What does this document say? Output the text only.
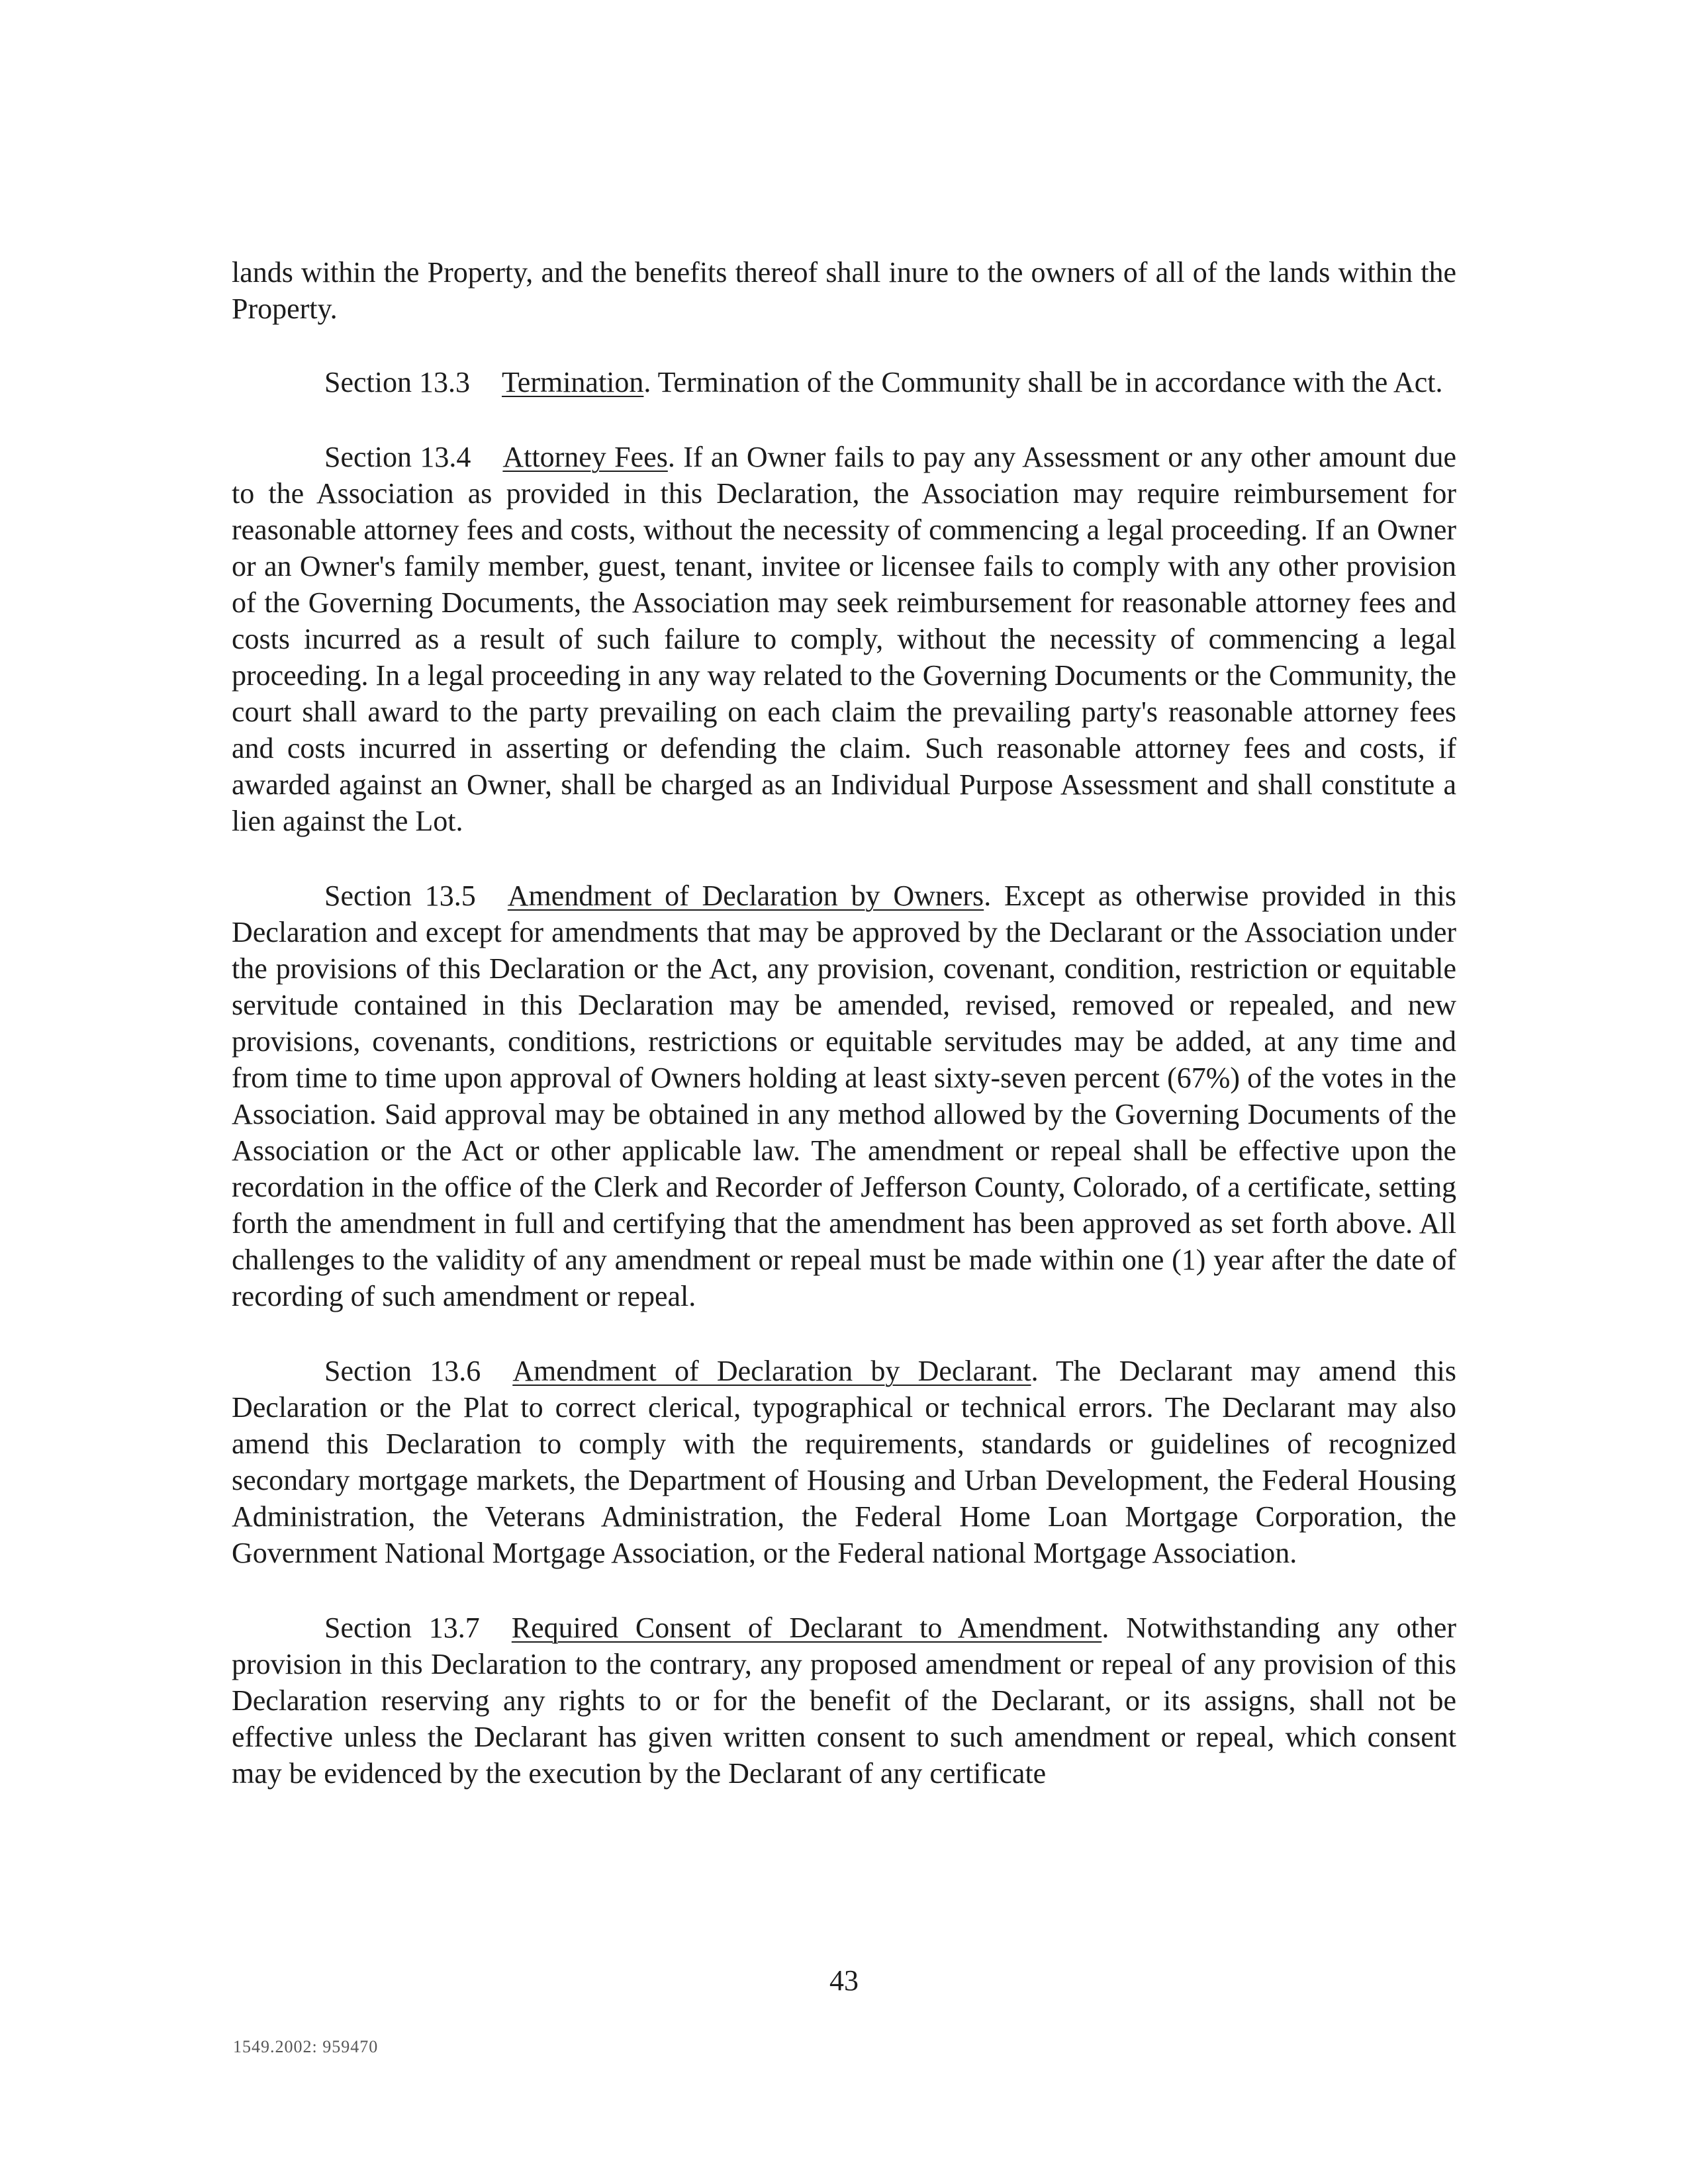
lands within the Property, and the benefits thereof shall inure to the owners of all of the lands within the Property.

Section 13.3 Termination. Termination of the Community shall be in accordance with the Act.

Section 13.4 Attorney Fees. If an Owner fails to pay any Assessment or any other amount due to the Association as provided in this Declaration, the Association may require reimbursement for reasonable attorney fees and costs, without the necessity of commencing a legal proceeding. If an Owner or an Owner's family member, guest, tenant, invitee or licensee fails to comply with any other provision of the Governing Documents, the Association may seek reimbursement for reasonable attorney fees and costs incurred as a result of such failure to comply, without the necessity of commencing a legal proceeding. In a legal proceeding in any way related to the Governing Documents or the Community, the court shall award to the party prevailing on each claim the prevailing party's reasonable attorney fees and costs incurred in asserting or defending the claim. Such reasonable attorney fees and costs, if awarded against an Owner, shall be charged as an Individual Purpose Assessment and shall constitute a lien against the Lot.

Section 13.5 Amendment of Declaration by Owners. Except as otherwise provided in this Declaration and except for amendments that may be approved by the Declarant or the Association under the provisions of this Declaration or the Act, any provision, covenant, condition, restriction or equitable servitude contained in this Declaration may be amended, revised, removed or repealed, and new provisions, covenants, conditions, restrictions or equitable servitudes may be added, at any time and from time to time upon approval of Owners holding at least sixty-seven percent (67%) of the votes in the Association. Said approval may be obtained in any method allowed by the Governing Documents of the Association or the Act or other applicable law. The amendment or repeal shall be effective upon the recordation in the office of the Clerk and Recorder of Jefferson County, Colorado, of a certificate, setting forth the amendment in full and certifying that the amendment has been approved as set forth above. All challenges to the validity of any amendment or repeal must be made within one (1) year after the date of recording of such amendment or repeal.

Section 13.6 Amendment of Declaration by Declarant. The Declarant may amend this Declaration or the Plat to correct clerical, typographical or technical errors. The Declarant may also amend this Declaration to comply with the requirements, standards or guidelines of recognized secondary mortgage markets, the Department of Housing and Urban Development, the Federal Housing Administration, the Veterans Administration, the Federal Home Loan Mortgage Corporation, the Government National Mortgage Association, or the Federal national Mortgage Association.

Section 13.7 Required Consent of Declarant to Amendment. Notwithstanding any other provision in this Declaration to the contrary, any proposed amendment or repeal of any provision of this Declaration reserving any rights to or for the benefit of the Declarant, or its assigns, shall not be effective unless the Declarant has given written consent to such amendment or repeal, which consent may be evidenced by the execution by the Declarant of any certificate

43
1549.2002: 959470
